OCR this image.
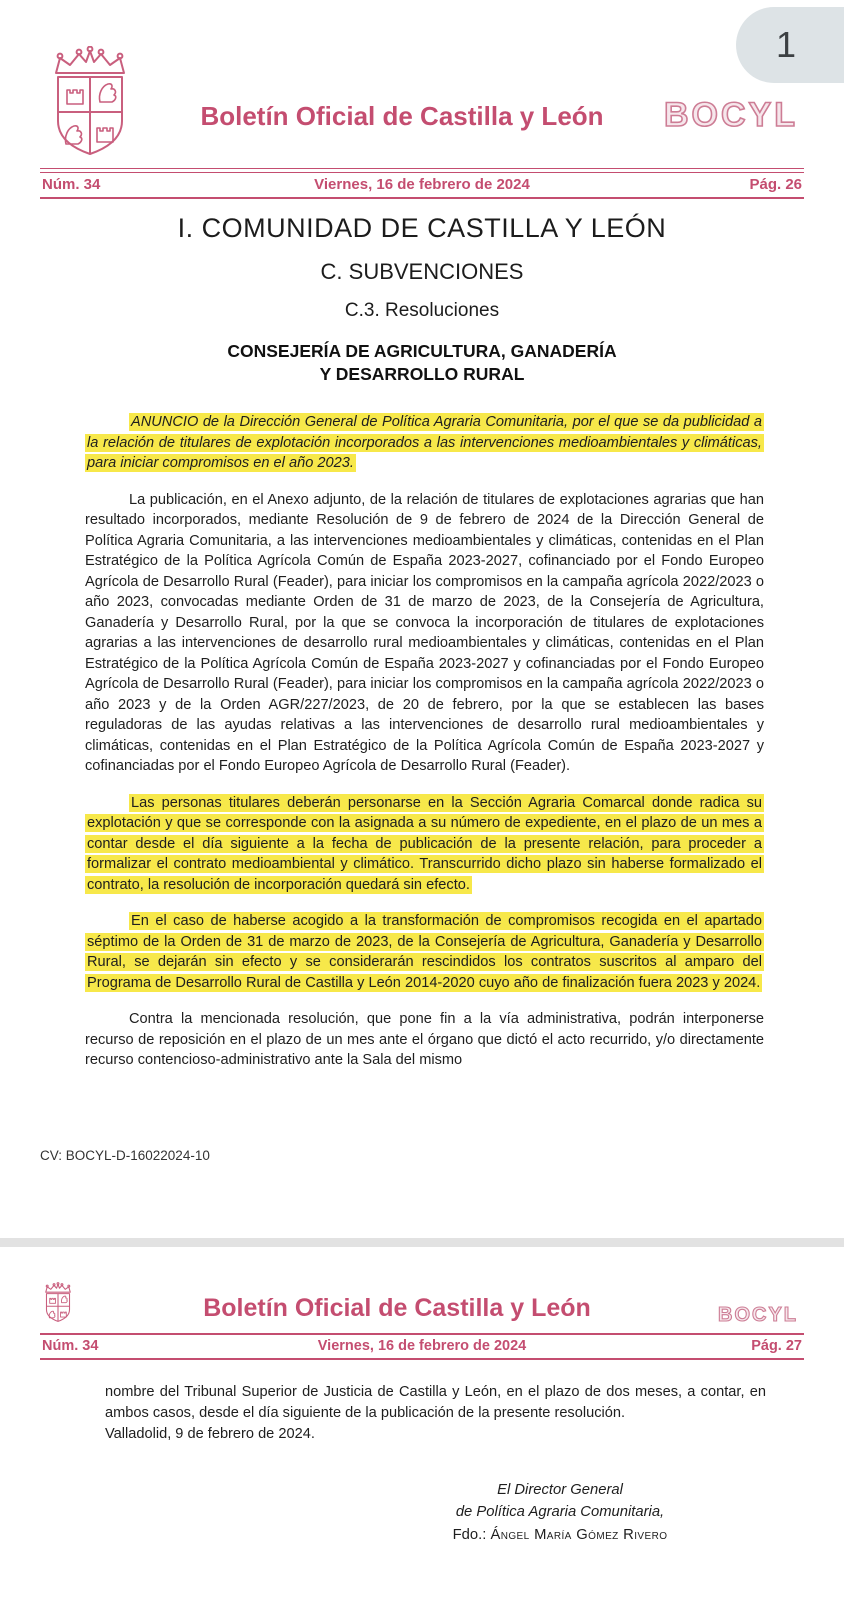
1
Boletín Oficial de Castilla y León	BOCYL
Núm. 34	Viernes, 16 de febrero de 2024	Pág. 26
I. COMUNIDAD DE CASTILLA Y LEÓN
C. SUBVENCIONES
C.3. Resoluciones
CONSEJERÍA DE AGRICULTURA, GANADERÍA
Y DESARROLLO RURAL

ANUNCIO de la Dirección General de Política Agraria Comunitaria, por el que se da publicidad a la relación de titulares de explotación incorporados a las intervenciones medioambientales y climáticas, para iniciar compromisos en el año 2023.

La publicación, en el Anexo adjunto, de la relación de titulares de explotaciones agrarias que han resultado incorporados, mediante Resolución de 9 de febrero de 2024 de la Dirección General de Política Agraria Comunitaria, a las intervenciones medioambientales y climáticas, contenidas en el Plan Estratégico de la Política Agrícola Común de España 2023-2027, cofinanciado por el Fondo Europeo Agrícola de Desarrollo Rural (Feader), para iniciar los compromisos en la campaña agrícola 2022/2023 o año 2023, convocadas mediante Orden de 31 de marzo de 2023, de la Consejería de Agricultura, Ganadería y Desarrollo Rural, por la que se convoca la incorporación de titulares de explotaciones agrarias a las intervenciones de desarrollo rural medioambientales y climáticas, contenidas en el Plan Estratégico de la Política Agrícola Común de España 2023-2027 y cofinanciadas por el Fondo Europeo Agrícola de Desarrollo Rural (Feader), para iniciar los compromisos en la campaña agrícola 2022/2023 o año 2023 y de la Orden AGR/227/2023, de 20 de febrero, por la que se establecen las bases reguladoras de las ayudas relativas a las intervenciones de desarrollo rural medioambientales y climáticas, contenidas en el Plan Estratégico de la Política Agrícola Común de España 2023-2027 y cofinanciadas por el Fondo Europeo Agrícola de Desarrollo Rural (Feader).

Las personas titulares deberán personarse en la Sección Agraria Comarcal donde radica su explotación y que se corresponde con la asignada a su número de expediente, en el plazo de un mes a contar desde el día siguiente a la fecha de publicación de la presente relación, para proceder a formalizar el contrato medioambiental y climático. Transcurrido dicho plazo sin haberse formalizado el contrato, la resolución de incorporación quedará sin efecto.

En el caso de haberse acogido a la transformación de compromisos recogida en el apartado séptimo de la Orden de 31 de marzo de 2023, de la Consejería de Agricultura, Ganadería y Desarrollo Rural, se dejarán sin efecto y se considerarán rescindidos los contratos suscritos al amparo del Programa de Desarrollo Rural de Castilla y León 2014-2020 cuyo año de finalización fuera 2023 y 2024.

Contra la mencionada resolución, que pone fin a la vía administrativa, podrán interponerse recurso de reposición en el plazo de un mes ante el órgano que dictó el acto recurrido, y/o directamente recurso contencioso-administrativo ante la Sala del mismo

CV: BOCYL-D-16022024-10
Boletín Oficial de Castilla y León	BOCYL
Núm. 34	Viernes, 16 de febrero de 2024	Pág. 27

nombre del Tribunal Superior de Justicia de Castilla y León, en el plazo de dos meses, a contar, en ambos casos, desde el día siguiente de la publicación de la presente resolución.

Valladolid, 9 de febrero de 2024.

El Director General
de Política Agraria Comunitaria,
Fdo.: Ángel María Gómez Rivero
